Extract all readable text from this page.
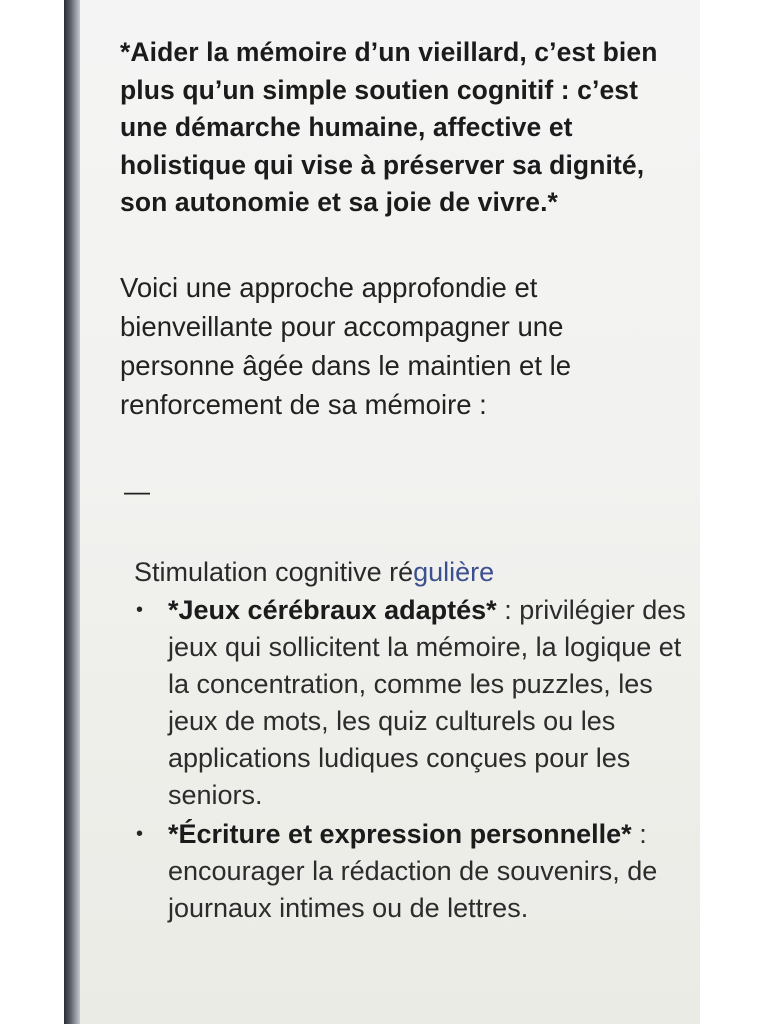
*Aider la mémoire d’un vieillard, c’est bien plus qu’un simple soutien cognitif : c’est une démarche humaine, affective et holistique qui vise à préserver sa dignité, son autonomie et sa joie de vivre.*

Voici une approche approfondie et bienveillante pour accompagner une personne âgée dans le maintien et le renforcement de sa mémoire :

—
Stimulation cognitive régulière
• *Jeux cérébraux adaptés* : privilégier des jeux qui sollicitent la mémoire, la logique et la concentration, comme les puzzles, les jeux de mots, les quiz culturels ou les applications ludiques conçues pour les seniors.
• *Écriture et expression personnelle* : encourager la rédaction de souvenirs, de journaux intimes ou de lettres.
